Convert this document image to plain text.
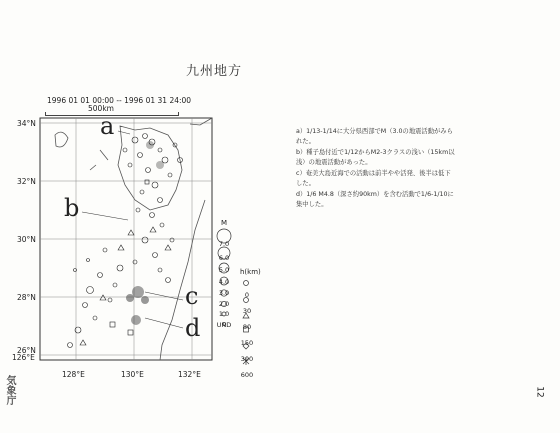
九州地方
1996 01 01 00:00 -- 1996 01 31 24:00
500km
34°N
32°N
30°N
28°N
26°N
126°E
128°E	130°E	132°E
a
b
c
d

a）1/13-1/14に大分県西部でM（3.0の地震活動がみられた。

b）種子島付近で1/12からM2-3クラスの浅い（15km以浅）の地震活動があった。

c）奄美大島近海での活動は前半やや活発、後半は低下した。

d）1/6 M4.8（深さ約90km）を含む活動で1/6-1/10に集中した。

M
7.0
6.0
5.0
4.0
3.0
2.0
1.0
UND
h(km)
0
30
80
150
300
600
12
気象庁
